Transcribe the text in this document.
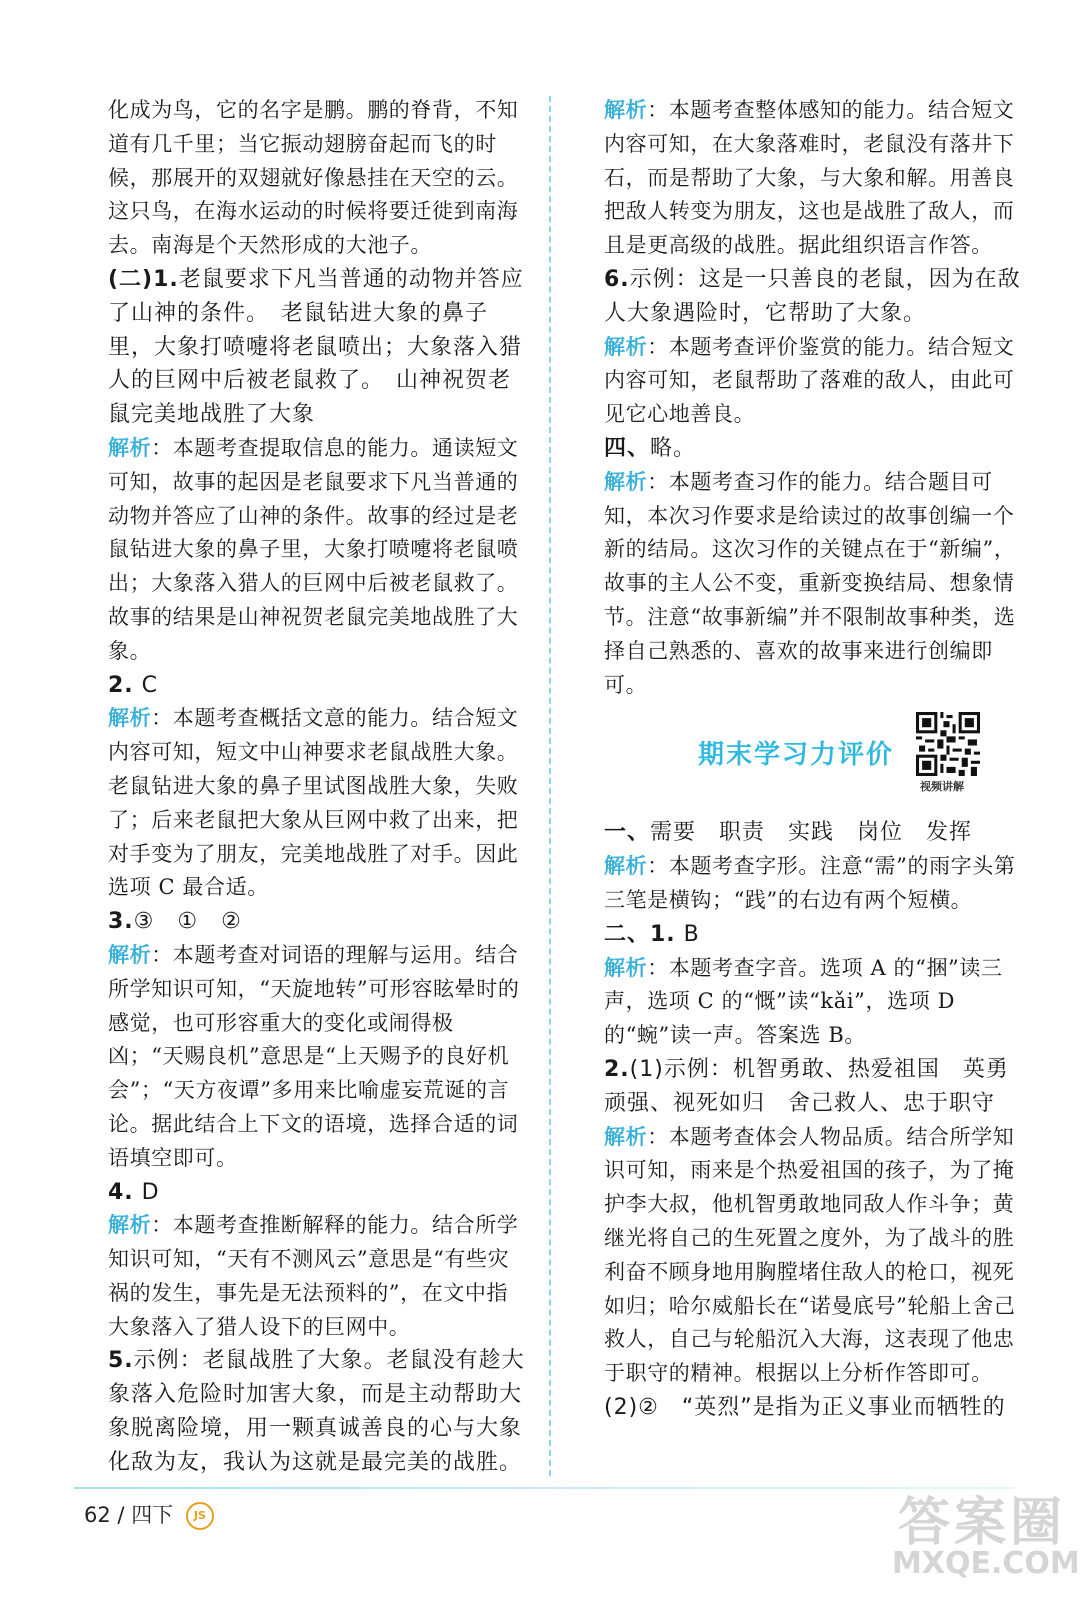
化成为鸟，它的名字是鹏。鹏的脊背，不知道有几千里；当它振动翅膀奋起而飞的时候，那展开的双翅就好像悬挂在天空的云。这只鸟，在海水运动的时候将要迁徙到南海去。南海是个天然形成的大池子。

(二)1.老鼠要求下凡当普通的动物并答应了山神的条件。　老鼠钻进大象的鼻子里，大象打喷嚏将老鼠喷出；大象落入猎人的巨网中后被老鼠救了。　山神祝贺老鼠完美地战胜了大象

解析：本题考查提取信息的能力。通读短文可知，故事的起因是老鼠要求下凡当普通的动物并答应了山神的条件。故事的经过是老鼠钻进大象的鼻子里，大象打喷嚏将老鼠喷出；大象落入猎人的巨网中后被老鼠救了。故事的结果是山神祝贺老鼠完美地战胜了大象。

2. C

解析：本题考查概括文意的能力。结合短文内容可知，短文中山神要求老鼠战胜大象。老鼠钻进大象的鼻子里试图战胜大象，失败了；后来老鼠把大象从巨网中救了出来，把对手变为了朋友，完美地战胜了对手。因此选项 C 最合适。

3.③　①　②

解析：本题考查对词语的理解与运用。结合所学知识可知，“天旋地转”可形容眩晕时的感觉，也可形容重大的变化或闹得极凶；“天赐良机”意思是“上天赐予的良好机会”；“天方夜谭”多用来比喻虚妄荒诞的言论。据此结合上下文的语境，选择合适的词语填空即可。

4. D

解析：本题考查推断解释的能力。结合所学知识可知，“天有不测风云”意思是“有些灾祸的发生，事先是无法预料的”，在文中指大象落入了猎人设下的巨网中。

5.示例：老鼠战胜了大象。老鼠没有趁大象落入危险时加害大象，而是主动帮助大象脱离险境，用一颗真诚善良的心与大象化敌为友，我认为这就是最完美的战胜。

解析：本题考查整体感知的能力。结合短文内容可知，在大象落难时，老鼠没有落井下石，而是帮助了大象，与大象和解。用善良把敌人转变为朋友，这也是战胜了敌人，而且是更高级的战胜。据此组织语言作答。

6.示例：这是一只善良的老鼠，因为在敌人大象遇险时，它帮助了大象。

解析：本题考查评价鉴赏的能力。结合短文内容可知，老鼠帮助了落难的敌人，由此可见它心地善良。

四、略。

解析：本题考查习作的能力。结合题目可知，本次习作要求是给读过的故事创编一个新的结局。这次习作的关键点在于“新编”，故事的主人公不变，重新变换结局、想象情节。注意“故事新编”并不限制故事种类，选择自己熟悉的、喜欢的故事来进行创编即可。

期末学习力评价
视频讲解

一、需要　职责　实践　岗位　发挥

解析：本题考查字形。注意“需”的雨字头第三笔是横钩；“践”的右边有两个短横。

二、1. B

解析：本题考查字音。选项 A 的“捆”读三声，选项 C 的“慨”读“kǎi”，选项 D 的“蜿”读一声。答案选 B。

2.(1)示例：机智勇敢、热爱祖国　英勇顽强、视死如归　舍己救人、忠于职守

解析：本题考查体会人物品质。结合所学知识可知，雨来是个热爱祖国的孩子，为了掩护李大叔，他机智勇敢地同敌人作斗争；黄继光将自己的生死置之度外，为了战斗的胜利奋不顾身地用胸膛堵住敌人的枪口，视死如归；哈尔威船长在“诺曼底号”轮船上舍己救人，自己与轮船沉入大海，这表现了他忠于职守的精神。根据以上分析作答即可。

(2)②　“英烈”是指为正义事业而牺牲的

62 / 四下 JS	答案圈
MXQE.COM
